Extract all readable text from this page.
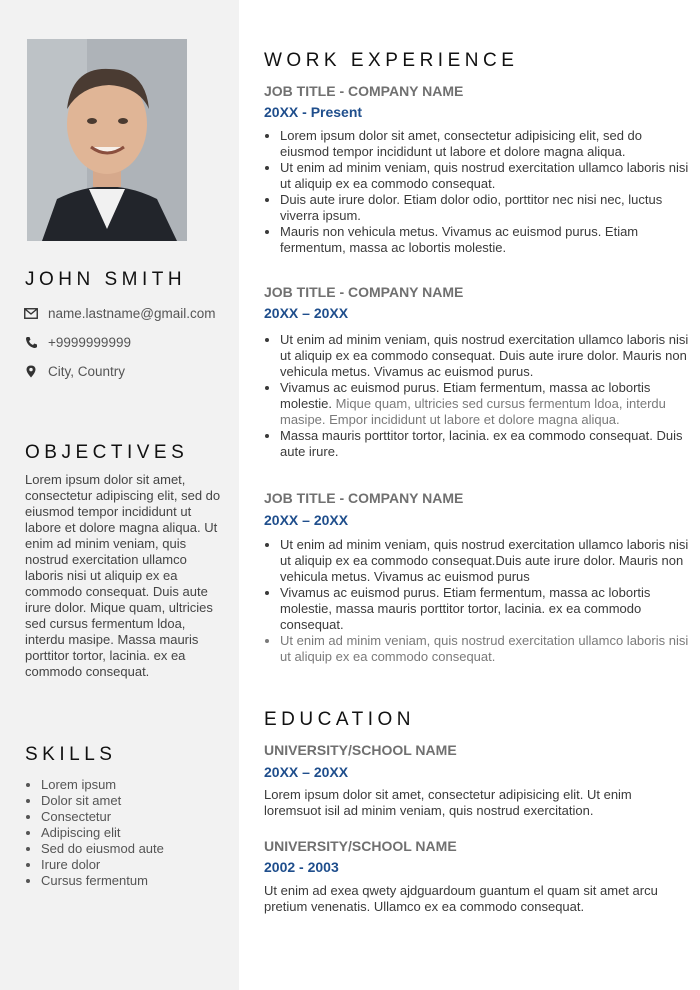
JOHN SMITH
name.lastname@gmail.com
+9999999999
City, Country
OBJECTIVES

Lorem ipsum dolor sit amet, consectetur adipiscing elit, sed do eiusmod tempor incididunt ut labore et dolore magna aliqua. Ut enim ad minim veniam, quis nostrud exercitation ullamco laboris nisi ut aliquip ex ea commodo consequat. Duis aute irure dolor. Mique quam, ultricies sed cursus fermentum ldoa, interdu masipe. Massa mauris porttitor tortor, lacinia. ex ea commodo consequat.

SKILLS
• Lorem ipsum
• Dolor sit amet
• Consectetur
• Adipiscing elit
• Sed do eiusmod aute
• Irure dolor
• Cursus fermentum
WORK EXPERIENCE
JOB TITLE - COMPANY NAME
20XX - Present
• Lorem ipsum dolor sit amet, consectetur adipisicing elit, sed do eiusmod tempor incididunt ut labore et dolore magna aliqua.
• Ut enim ad minim veniam, quis nostrud exercitation ullamco laboris nisi ut aliquip ex ea commodo consequat.
• Duis aute irure dolor. Etiam dolor odio, porttitor nec nisi nec, luctus viverra ipsum.
• Mauris non vehicula metus. Vivamus ac euismod purus. Etiam fermentum, massa ac lobortis molestie.
JOB TITLE - COMPANY NAME
20XX – 20XX
• Ut enim ad minim veniam, quis nostrud exercitation ullamco laboris nisi ut aliquip ex ea commodo consequat. Duis aute irure dolor. Mauris non vehicula metus. Vivamus ac euismod purus.
• Vivamus ac euismod purus. Etiam fermentum, massa ac lobortis molestie. Mique quam, ultricies sed cursus fermentum ldoa, interdu masipe. Empor incididunt ut labore et dolore magna aliqua.
• Massa mauris porttitor tortor, lacinia. ex ea commodo consequat. Duis aute irure.
JOB TITLE - COMPANY NAME
20XX – 20XX
• Ut enim ad minim veniam, quis nostrud exercitation ullamco laboris nisi ut aliquip ex ea commodo consequat.Duis aute irure dolor. Mauris non vehicula metus. Vivamus ac euismod purus
• Vivamus ac euismod purus. Etiam fermentum, massa ac lobortis molestie, massa mauris porttitor tortor, lacinia. ex ea commodo consequat.
• Ut enim ad minim veniam, quis nostrud exercitation ullamco laboris nisi ut aliquip ex ea commodo consequat.
EDUCATION
UNIVERSITY/SCHOOL NAME
20XX – 20XX

Lorem ipsum dolor sit amet, consectetur adipisicing elit. Ut enim loremsuot isil ad minim veniam, quis nostrud exercitation.

UNIVERSITY/SCHOOL NAME
2002 - 2003

Ut enim ad exea qwety ajdguardoum guantum el quam sit amet arcu pretium venenatis. Ullamco ex ea commodo consequat.
